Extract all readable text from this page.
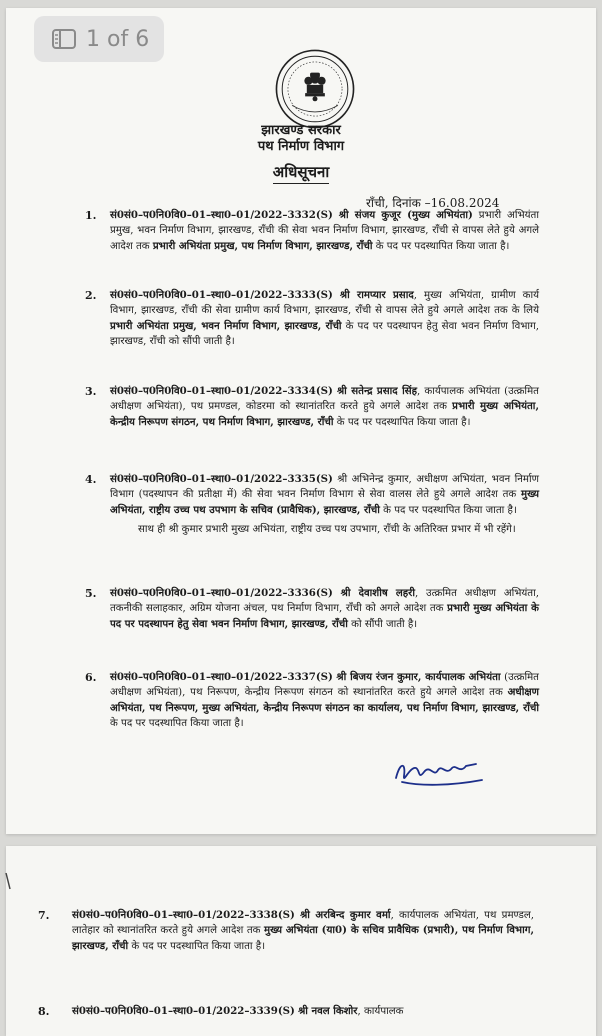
झारखण्ड सरकार
पथ निर्माण विभाग
अधिसूचना
राँची, दिनांक –16.08.2024
1. सं0सं0–प0नि0वि0–01–स्था0–01/2022–3332(S) श्री संजय कुजूर (मुख्य अभियंता) प्रभारी अभियंता प्रमुख, भवन निर्माण विभाग, झारखण्ड, राँची की सेवा भवन निर्माण विभाग, झारखण्ड, राँची से वापस लेते हुये अगले आदेश तक प्रभारी अभियंता प्रमुख, पथ निर्माण विभाग, झारखण्ड, राँची के पद पर पदस्थापित किया जाता है।
2. सं0सं0–प0नि0वि0–01–स्था0–01/2022–3333(S) श्री रामप्यार प्रसाद, मुख्य अभियंता, ग्रामीण कार्य विभाग, झारखण्ड, राँची की सेवा ग्रामीण कार्य विभाग, झारखण्ड, राँची से वापस लेते हुये अगले आदेश तक के लिये प्रभारी अभियंता प्रमुख, भवन निर्माण विभाग, झारखण्ड, राँची के पद पर पदस्थापन हेतु सेवा भवन निर्माण विभाग, झारखण्ड, राँची को सौंपी जाती है।
3. सं0सं0–प0नि0वि0–01–स्था0–01/2022–3334(S) श्री सतेन्द्र प्रसाद सिंह, कार्यपालक अभियंता (उत्क्रमित अधीक्षण अभियंता), पथ प्रमण्डल, कोडरमा को स्थानांतरित करते हुये अगले आदेश तक प्रभारी मुख्य अभियंता, केन्द्रीय निरूपण संगठन, पथ निर्माण विभाग, झारखण्ड, राँची के पद पर पदस्थापित किया जाता है।
4. सं0सं0–प0नि0वि0–01–स्था0–01/2022–3335(S) श्री अभिनेन्द्र कुमार, अधीक्षण अभियंता, भवन निर्माण विभाग (पदस्थापन की प्रतीक्षा में) की सेवा भवन निर्माण विभाग से सेवा वालस लेते हुये अगले आदेश तक मुख्य अभियंता, राष्ट्रीय उच्च पथ उपभाग के सचिव (प्रावैधिक), झारखण्ड, राँची के पद पर पदस्थापित किया जाता है।
साथ ही श्री कुमार प्रभारी मुख्य अभियंता, राष्ट्रीय उच्च पथ उपभाग, राँची के अतिरिक्त प्रभार में भी रहेंगे।
5. सं0सं0–प0नि0वि0–01–स्था0–01/2022–3336(S) श्री देवाशीष लहरी, उत्क्रमित अधीक्षण अभियंता, तकनीकी सलाहकार, अग्रिम योजना अंचल, पथ निर्माण विभाग, राँची को अगले आदेश तक प्रभारी मुख्य अभियंता के पद पर पदस्थापन हेतु सेवा भवन निर्माण विभाग, झारखण्ड, राँची को सौंपी जाती है।
6. सं0सं0–प0नि0वि0–01–स्था0–01/2022–3337(S) श्री बिजय रंजन कुमार, कार्यपालक अभियंता (उत्क्रमित अधीक्षण अभियंता), पथ निरूपण, केन्द्रीय निरूपण संगठन को स्थानांतरित करते हुये अगले आदेश तक अधीक्षण अभियंता, पथ निरूपण, मुख्य अभियंता, केन्द्रीय निरूपण संगठन का कार्यालय, पथ निर्माण विभाग, झारखण्ड, राँची के पद पर पदस्थापित किया जाता है।
7. सं0सं0–प0नि0वि0–01–स्था0–01/2022–3338(S) श्री अरबिन्द कुमार वर्मा, कार्यपालक अभियंता, पथ प्रमण्डल, लातेहार को स्थानांतरित करते हुये अगले आदेश तक मुख्य अभियंता (या0) के सचिव प्रावैधिक (प्रभारी), पथ निर्माण विभाग, झारखण्ड, राँची के पद पर पदस्थापित किया जाता है।
8. सं0सं0–प0नि0वि0–01–स्था0–01/2022–3339(S) श्री नवल किशोर, कार्यपालक
1 of 6
